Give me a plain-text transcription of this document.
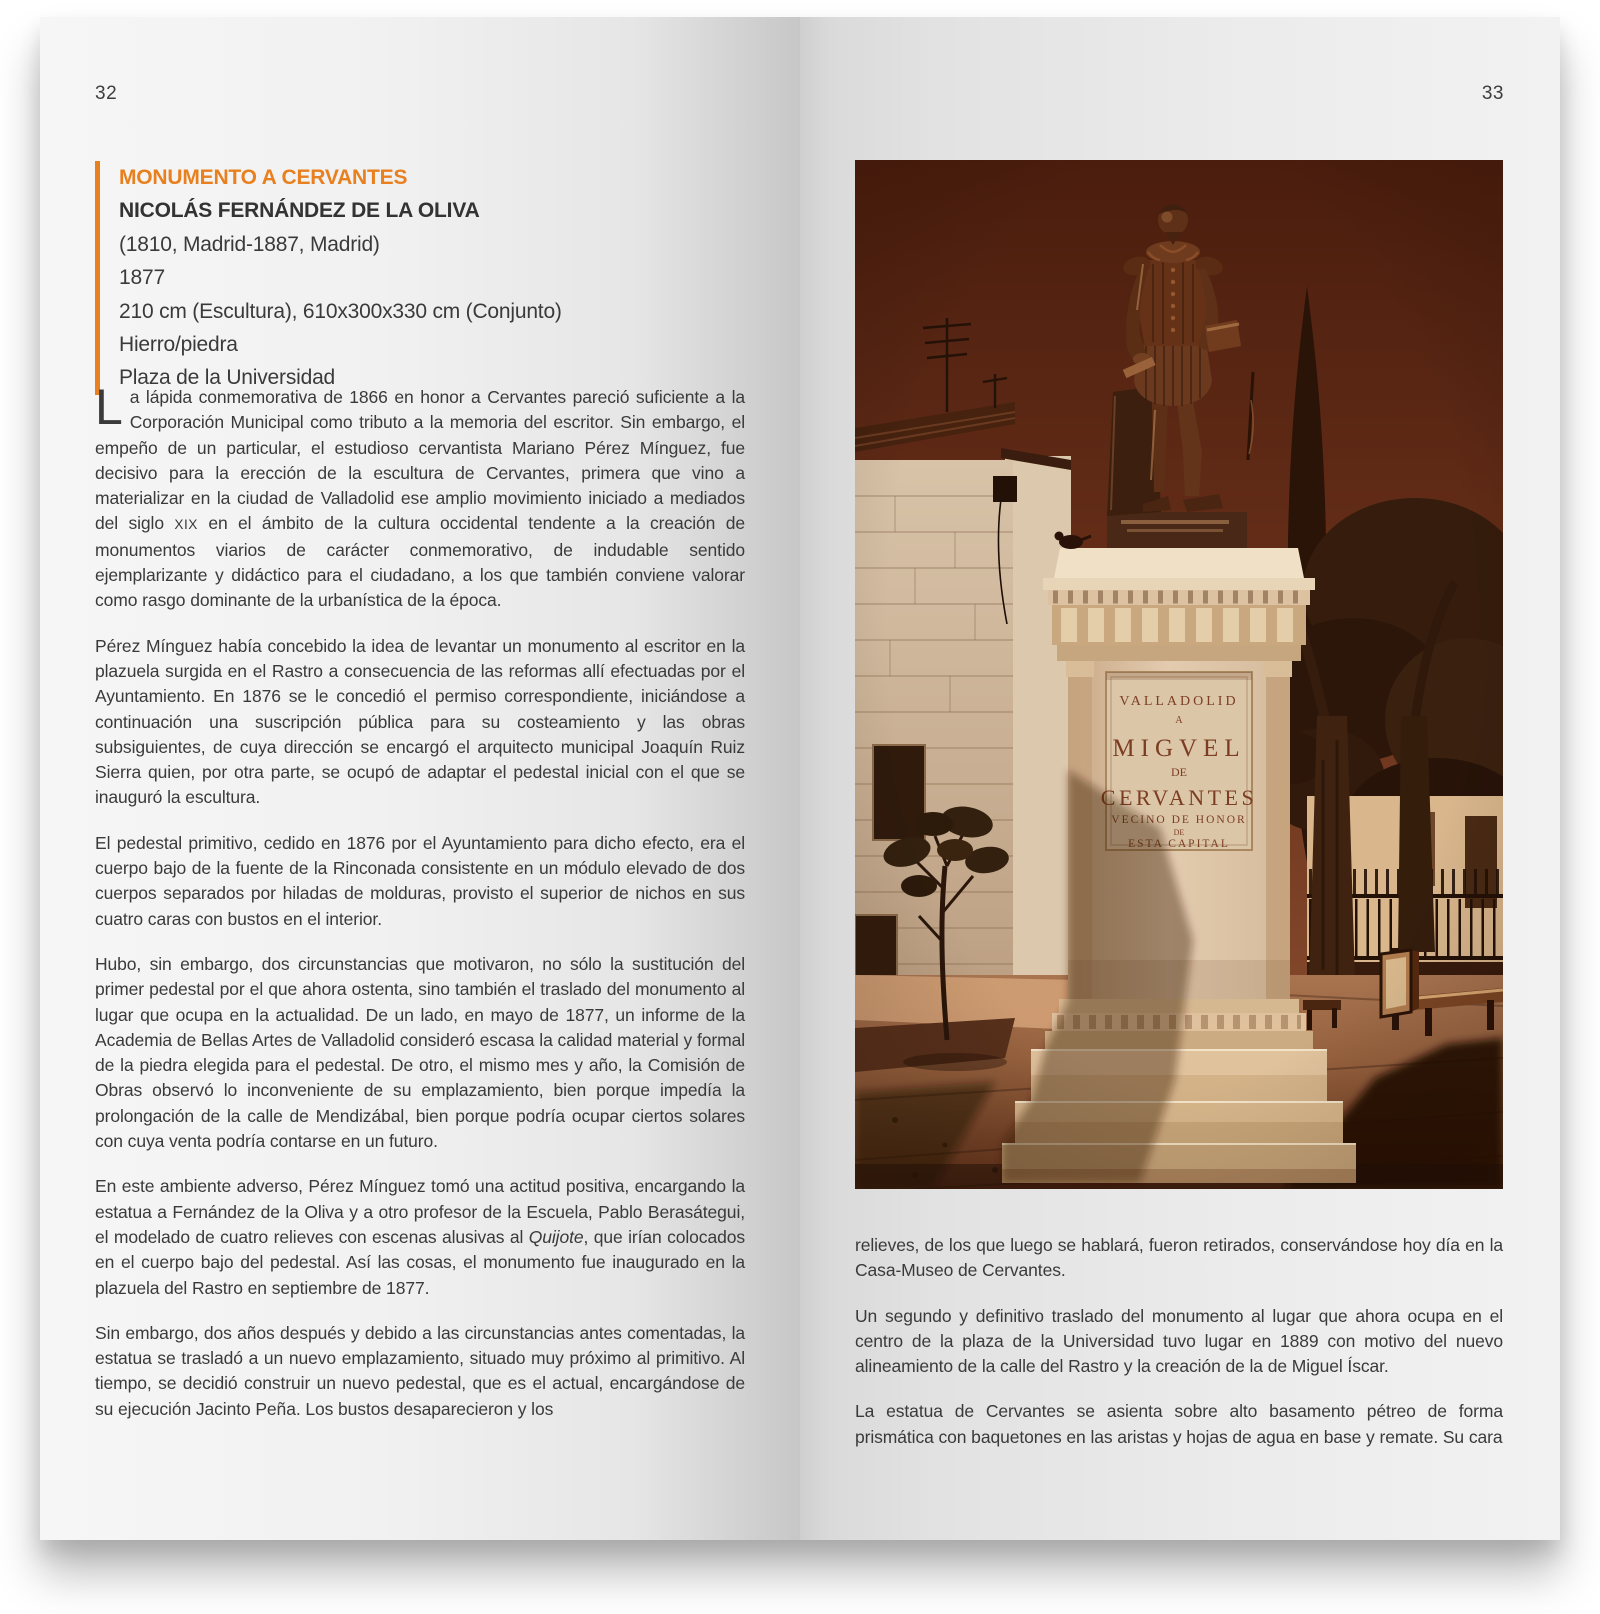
32
MONUMENTO A CERVANTES
NICOLÁS FERNÁNDEZ DE LA OLIVA
(1810, Madrid-1887, Madrid)
1877
210 cm (Escultura), 610x300x330 cm (Conjunto)
Hierro/piedra
Plaza de la Universidad

La lápida conmemorativa de 1866 en honor a Cervantes pareció suficiente a la Corporación Municipal como tributo a la memoria del escritor. Sin embargo, el empeño de un particular, el estudioso cervantista Mariano Pérez Mínguez, fue decisivo para la erección de la escultura de Cervantes, primera que vino a materializar en la ciudad de Valladolid ese amplio movimiento iniciado a mediados del siglo XIX en el ámbito de la cultura occidental tendente a la creación de monumentos viarios de carácter conmemorativo, de indudable sentido ejemplarizante y didáctico para el ciudadano, a los que también conviene valorar como rasgo dominante de la urbanística de la época.

Pérez Mínguez había concebido la idea de levantar un monumento al escritor en la plazuela surgida en el Rastro a consecuencia de las reformas allí efectuadas por el Ayuntamiento. En 1876 se le concedió el permiso correspondiente, iniciándose a continuación una suscripción pública para su costeamiento y las obras subsiguientes, de cuya dirección se encargó el arquitecto municipal Joaquín Ruiz Sierra quien, por otra parte, se ocupó de adaptar el pedestal inicial con el que se inauguró la escultura.

El pedestal primitivo, cedido en 1876 por el Ayuntamiento para dicho efecto, era el cuerpo bajo de la fuente de la Rinconada consistente en un módulo elevado de dos cuerpos separados por hiladas de molduras, provisto el superior de nichos en sus cuatro caras con bustos en el interior.

Hubo, sin embargo, dos circunstancias que motivaron, no sólo la sustitución del primer pedestal por el que ahora ostenta, sino también el traslado del monumento al lugar que ocupa en la actualidad. De un lado, en mayo de 1877, un informe de la Academia de Bellas Artes de Valladolid consideró escasa la calidad material y formal de la piedra elegida para el pedestal. De otro, el mismo mes y año, la Comisión de Obras observó lo inconveniente de su emplazamiento, bien porque impedía la prolongación de la calle de Mendizábal, bien porque podría ocupar ciertos solares con cuya venta podría contarse en un futuro.

En este ambiente adverso, Pérez Mínguez tomó una actitud positiva, encargando la estatua a Fernández de la Oliva y a otro profesor de la Escuela, Pablo Berasátegui, el modelado de cuatro relieves con escenas alusivas al Quijote, que irían colocados en el cuerpo bajo del pedestal. Así las cosas, el monumento fue inaugurado en la plazuela del Rastro en septiembre de 1877.

Sin embargo, dos años después y debido a las circunstancias antes comentadas, la estatua se trasladó a un nuevo emplazamiento, situado muy próximo al primitivo. Al tiempo, se decidió construir un nuevo pedestal, que es el actual, encargándose de su ejecución Jacinto Peña. Los bustos desaparecieron y los

33

relieves, de los que luego se hablará, fueron retirados, conservándose hoy día en la Casa-Museo de Cervantes.

Un segundo y definitivo traslado del monumento al lugar que ahora ocupa en el centro de la plaza de la Universidad tuvo lugar en 1889 con motivo del nuevo alineamiento de la calle del Rastro y la creación de la de Miguel Íscar.

La estatua de Cervantes se asienta sobre alto basamento pétreo de forma prismática con baquetones en las aristas y hojas de agua en base y remate. Su cara
